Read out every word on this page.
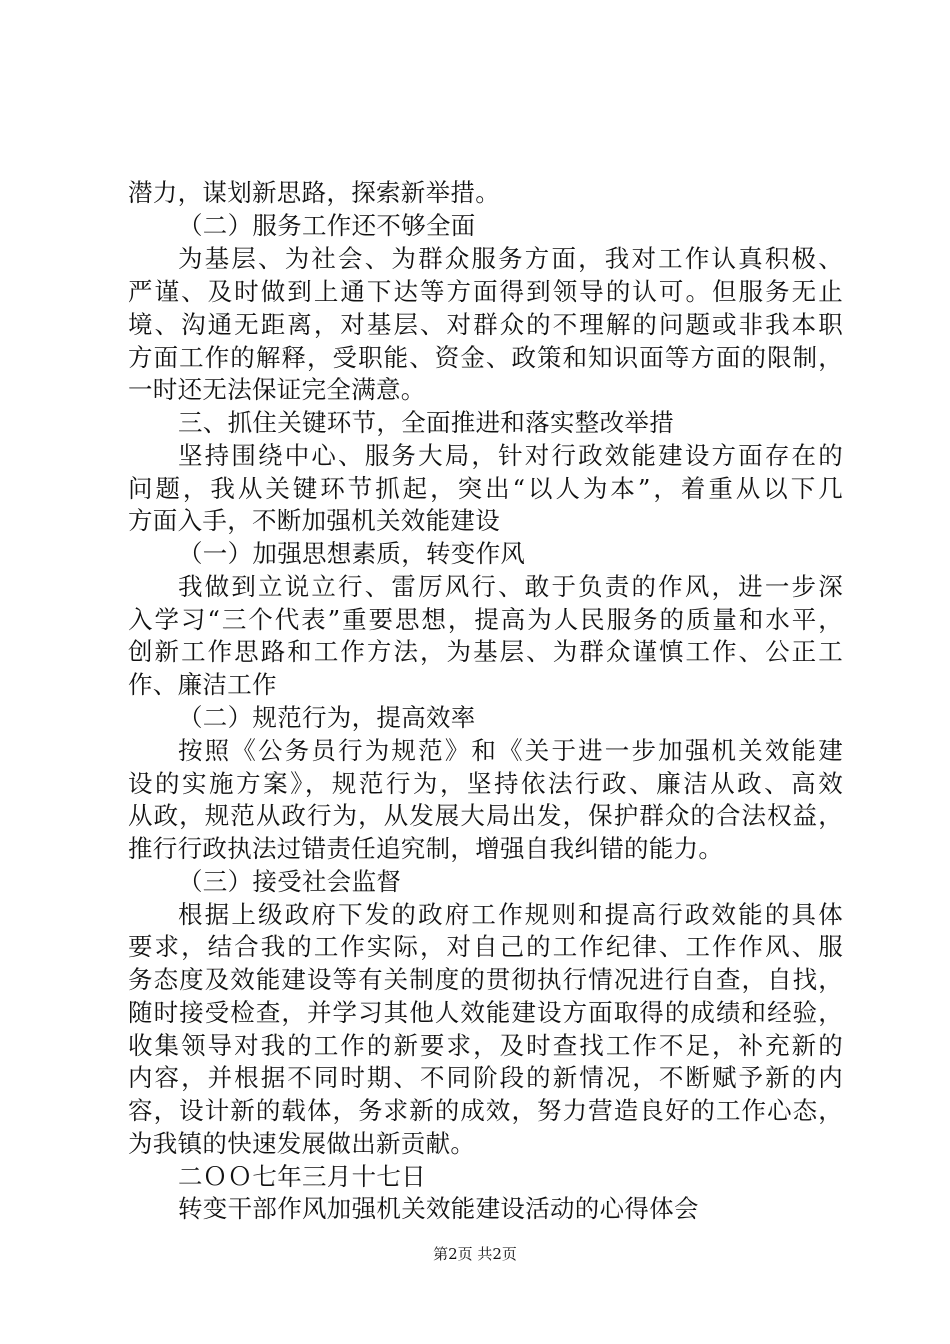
潜力，谋划新思路，探索新举措。
（二）服务工作还不够全面
为基层、为社会、为群众服务方面，我对工作认真积极、
严谨、及时做到上通下达等方面得到领导的认可。但服务无止
境、沟通无距离，对基层、对群众的不理解的问题或非我本职
方面工作的解释，受职能、资金、政策和知识面等方面的限制，
一时还无法保证完全满意。
三、抓住关键环节，全面推进和落实整改举措
坚持围绕中心、服务大局，针对行政效能建设方面存在的
问题，我从关键环节抓起，突出“以人为本”，着重从以下几
方面入手，不断加强机关效能建设
（一）加强思想素质，转变作风
我做到立说立行、雷厉风行、敢于负责的作风，进一步深
入学习“三个代表”重要思想，提高为人民服务的质量和水平，
创新工作思路和工作方法，为基层、为群众谨慎工作、公正工
作、廉洁工作
（二）规范行为，提高效率
按照《公务员行为规范》和《关于进一步加强机关效能建
设的实施方案》，规范行为，坚持依法行政、廉洁从政、高效
从政，规范从政行为，从发展大局出发，保护群众的合法权益，
推行行政执法过错责任追究制，增强自我纠错的能力。
（三）接受社会监督
根据上级政府下发的政府工作规则和提高行政效能的具体
要求，结合我的工作实际，对自己的工作纪律、工作作风、服
务态度及效能建设等有关制度的贯彻执行情况进行自查，自找，
随时接受检查，并学习其他人效能建设方面取得的成绩和经验，
收集领导对我的工作的新要求，及时查找工作不足，补充新的
内容，并根据不同时期、不同阶段的新情况，不断赋予新的内
容，设计新的载体，务求新的成效，努力营造良好的工作心态，
为我镇的快速发展做出新贡献。
二ＯＯ七年三月十七日
转变干部作风加强机关效能建设活动的心得体会
第2页 共2页
